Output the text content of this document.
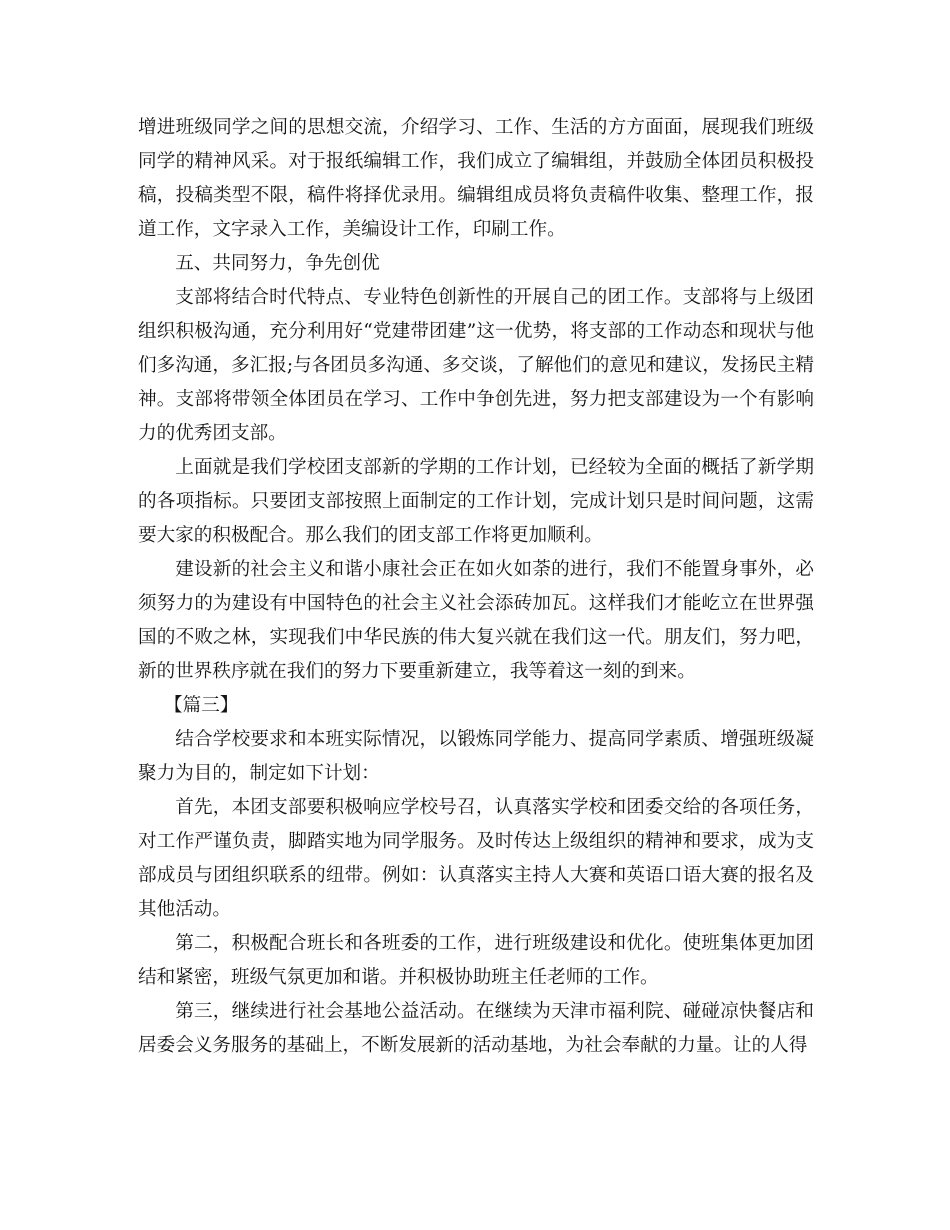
增进班级同学之间的思想交流，介绍学习、工作、生活的方方面面，展现我们班级同学的精神风采。对于报纸编辑工作，我们成立了编辑组，并鼓励全体团员积极投稿，投稿类型不限，稿件将择优录用。编辑组成员将负责稿件收集、整理工作，报道工作，文字录入工作，美编设计工作，印刷工作。

五、共同努力，争先创优

支部将结合时代特点、专业特色创新性的开展自己的团工作。支部将与上级团组织积极沟通，充分利用好“党建带团建”这一优势，将支部的工作动态和现状与他们多沟通，多汇报;与各团员多沟通、多交谈，了解他们的意见和建议，发扬民主精神。支部将带领全体团员在学习、工作中争创先进，努力把支部建设为一个有影响力的优秀团支部。

上面就是我们学校团支部新的学期的工作计划，已经较为全面的概括了新学期的各项指标。只要团支部按照上面制定的工作计划，完成计划只是时间问题，这需要大家的积极配合。那么我们的团支部工作将更加顺利。

建设新的社会主义和谐小康社会正在如火如荼的进行，我们不能置身事外，必须努力的为建设有中国特色的社会主义社会添砖加瓦。这样我们才能屹立在世界强国的不败之林，实现我们中华民族的伟大复兴就在我们这一代。朋友们，努力吧，新的世界秩序就在我们的努力下要重新建立，我等着这一刻的到来。

【篇三】

结合学校要求和本班实际情况，以锻炼同学能力、提高同学素质、增强班级凝聚力为目的，制定如下计划：

首先，本团支部要积极响应学校号召，认真落实学校和团委交给的各项任务，对工作严谨负责，脚踏实地为同学服务。及时传达上级组织的精神和要求，成为支部成员与团组织联系的纽带。例如：认真落实主持人大赛和英语口语大赛的报名及其他活动。

第二，积极配合班长和各班委的工作，进行班级建设和优化。使班集体更加团结和紧密，班级气氛更加和谐。并积极协助班主任老师的工作。

第三，继续进行社会基地公益活动。在继续为天津市福利院、碰碰凉快餐店和居委会义务服务的基础上，不断发展新的活动基地，为社会奉献的力量。让的人得
